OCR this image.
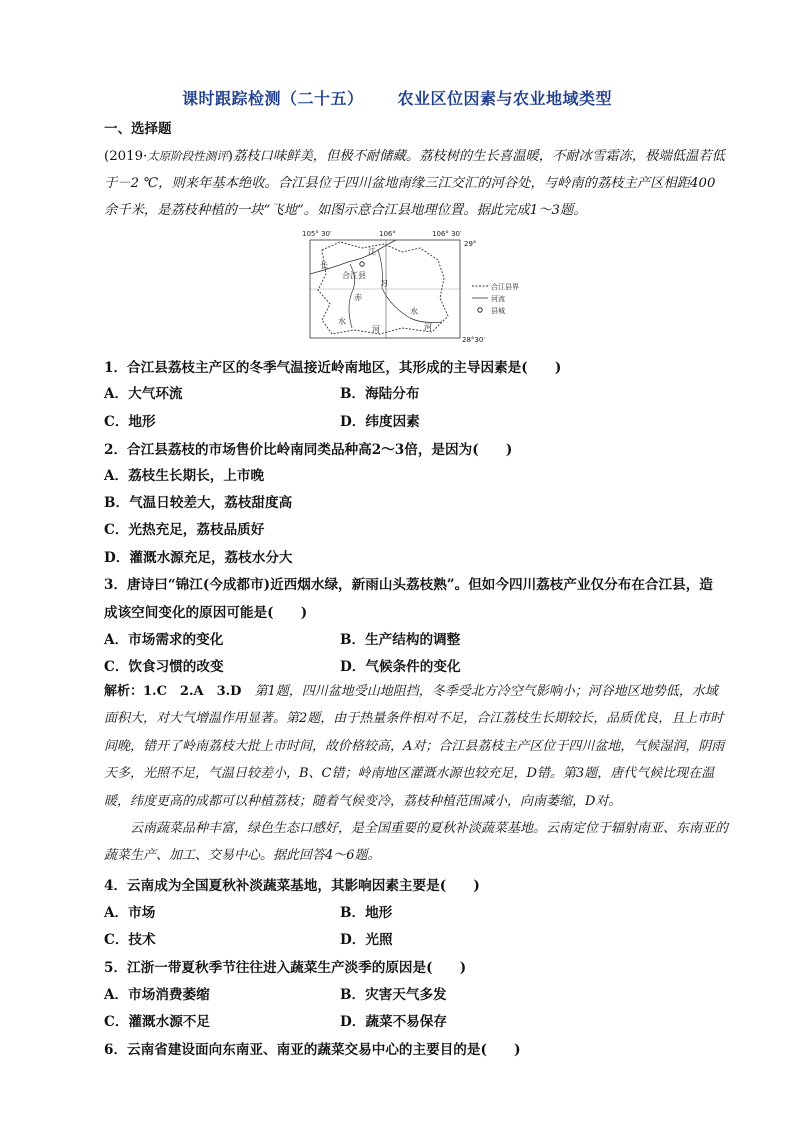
课时跟踪检测（二十五） 农业区位因素与农业地域类型
一、选择题
(2019·太原阶段性测评)荔枝口味鲜美，但极不耐储藏。荔枝树的生长喜温暖，不耐冰雪霜冻，极端低温若低于－2 ℃，则来年基本绝收。合江县位于四川盆地南缘三江交汇的河谷处，与岭南的荔枝主产区相距400余千米，是荔枝种植的一块“飞地”。如图示意合江县地理位置。据此完成1～3题。
105° 30′	106°	106° 30′
29°
28°30′
长
江
合江县
赤
习
水
水
河	河
合江县界
河流
县城
1．合江县荔枝主产区的冬季气温接近岭南地区，其形成的主导因素是(　　)
A．大气环流	B．海陆分布
C．地形	D．纬度因素
2．合江县荔枝的市场售价比岭南同类品种高2～3倍，是因为(　　)
A．荔枝生长期长，上市晚
B．气温日较差大，荔枝甜度高
C．光热充足，荔枝品质好
D．灌溉水源充足，荔枝水分大
3．唐诗曰“锦江(今成都市)近西烟水绿，新雨山头荔枝熟”。但如今四川荔枝产业仅分布在合江县，造
成该空间变化的原因可能是(　　)
A．市场需求的变化	B．生产结构的调整
C．饮食习惯的改变	D．气候条件的变化
解析：1.C　2.A　3.D　第1题，四川盆地受山地阻挡，冬季受北方冷空气影响小；河谷地区地势低，水域面积大，对大气增温作用显著。第2题，由于热量条件相对不足，合江荔枝生长期较长，品质优良，且上市时间晚，错开了岭南荔枝大批上市时间，故价格较高，A对；合江县荔枝主产区位于四川盆地，气候湿润，阴雨天多，光照不足，气温日较差小，B、C错；岭南地区灌溉水源也较充足，D错。第3题，唐代气候比现在温暖，纬度更高的成都可以种植荔枝；随着气候变冷，荔枝种植范围减小，向南萎缩，D对。
云南蔬菜品种丰富，绿色生态口感好，是全国重要的夏秋补淡蔬菜基地。云南定位于辐射南亚、东南亚的蔬菜生产、加工、交易中心。据此回答4～6题。
4．云南成为全国夏秋补淡蔬菜基地，其影响因素主要是(　　)
A．市场	B．地形
C．技术	D．光照
5．江浙一带夏秋季节往往进入蔬菜生产淡季的原因是(　　)
A．市场消费萎缩	B．灾害天气多发
C．灌溉水源不足	D．蔬菜不易保存
6．云南省建设面向东南亚、南亚的蔬菜交易中心的主要目的是(　　)
